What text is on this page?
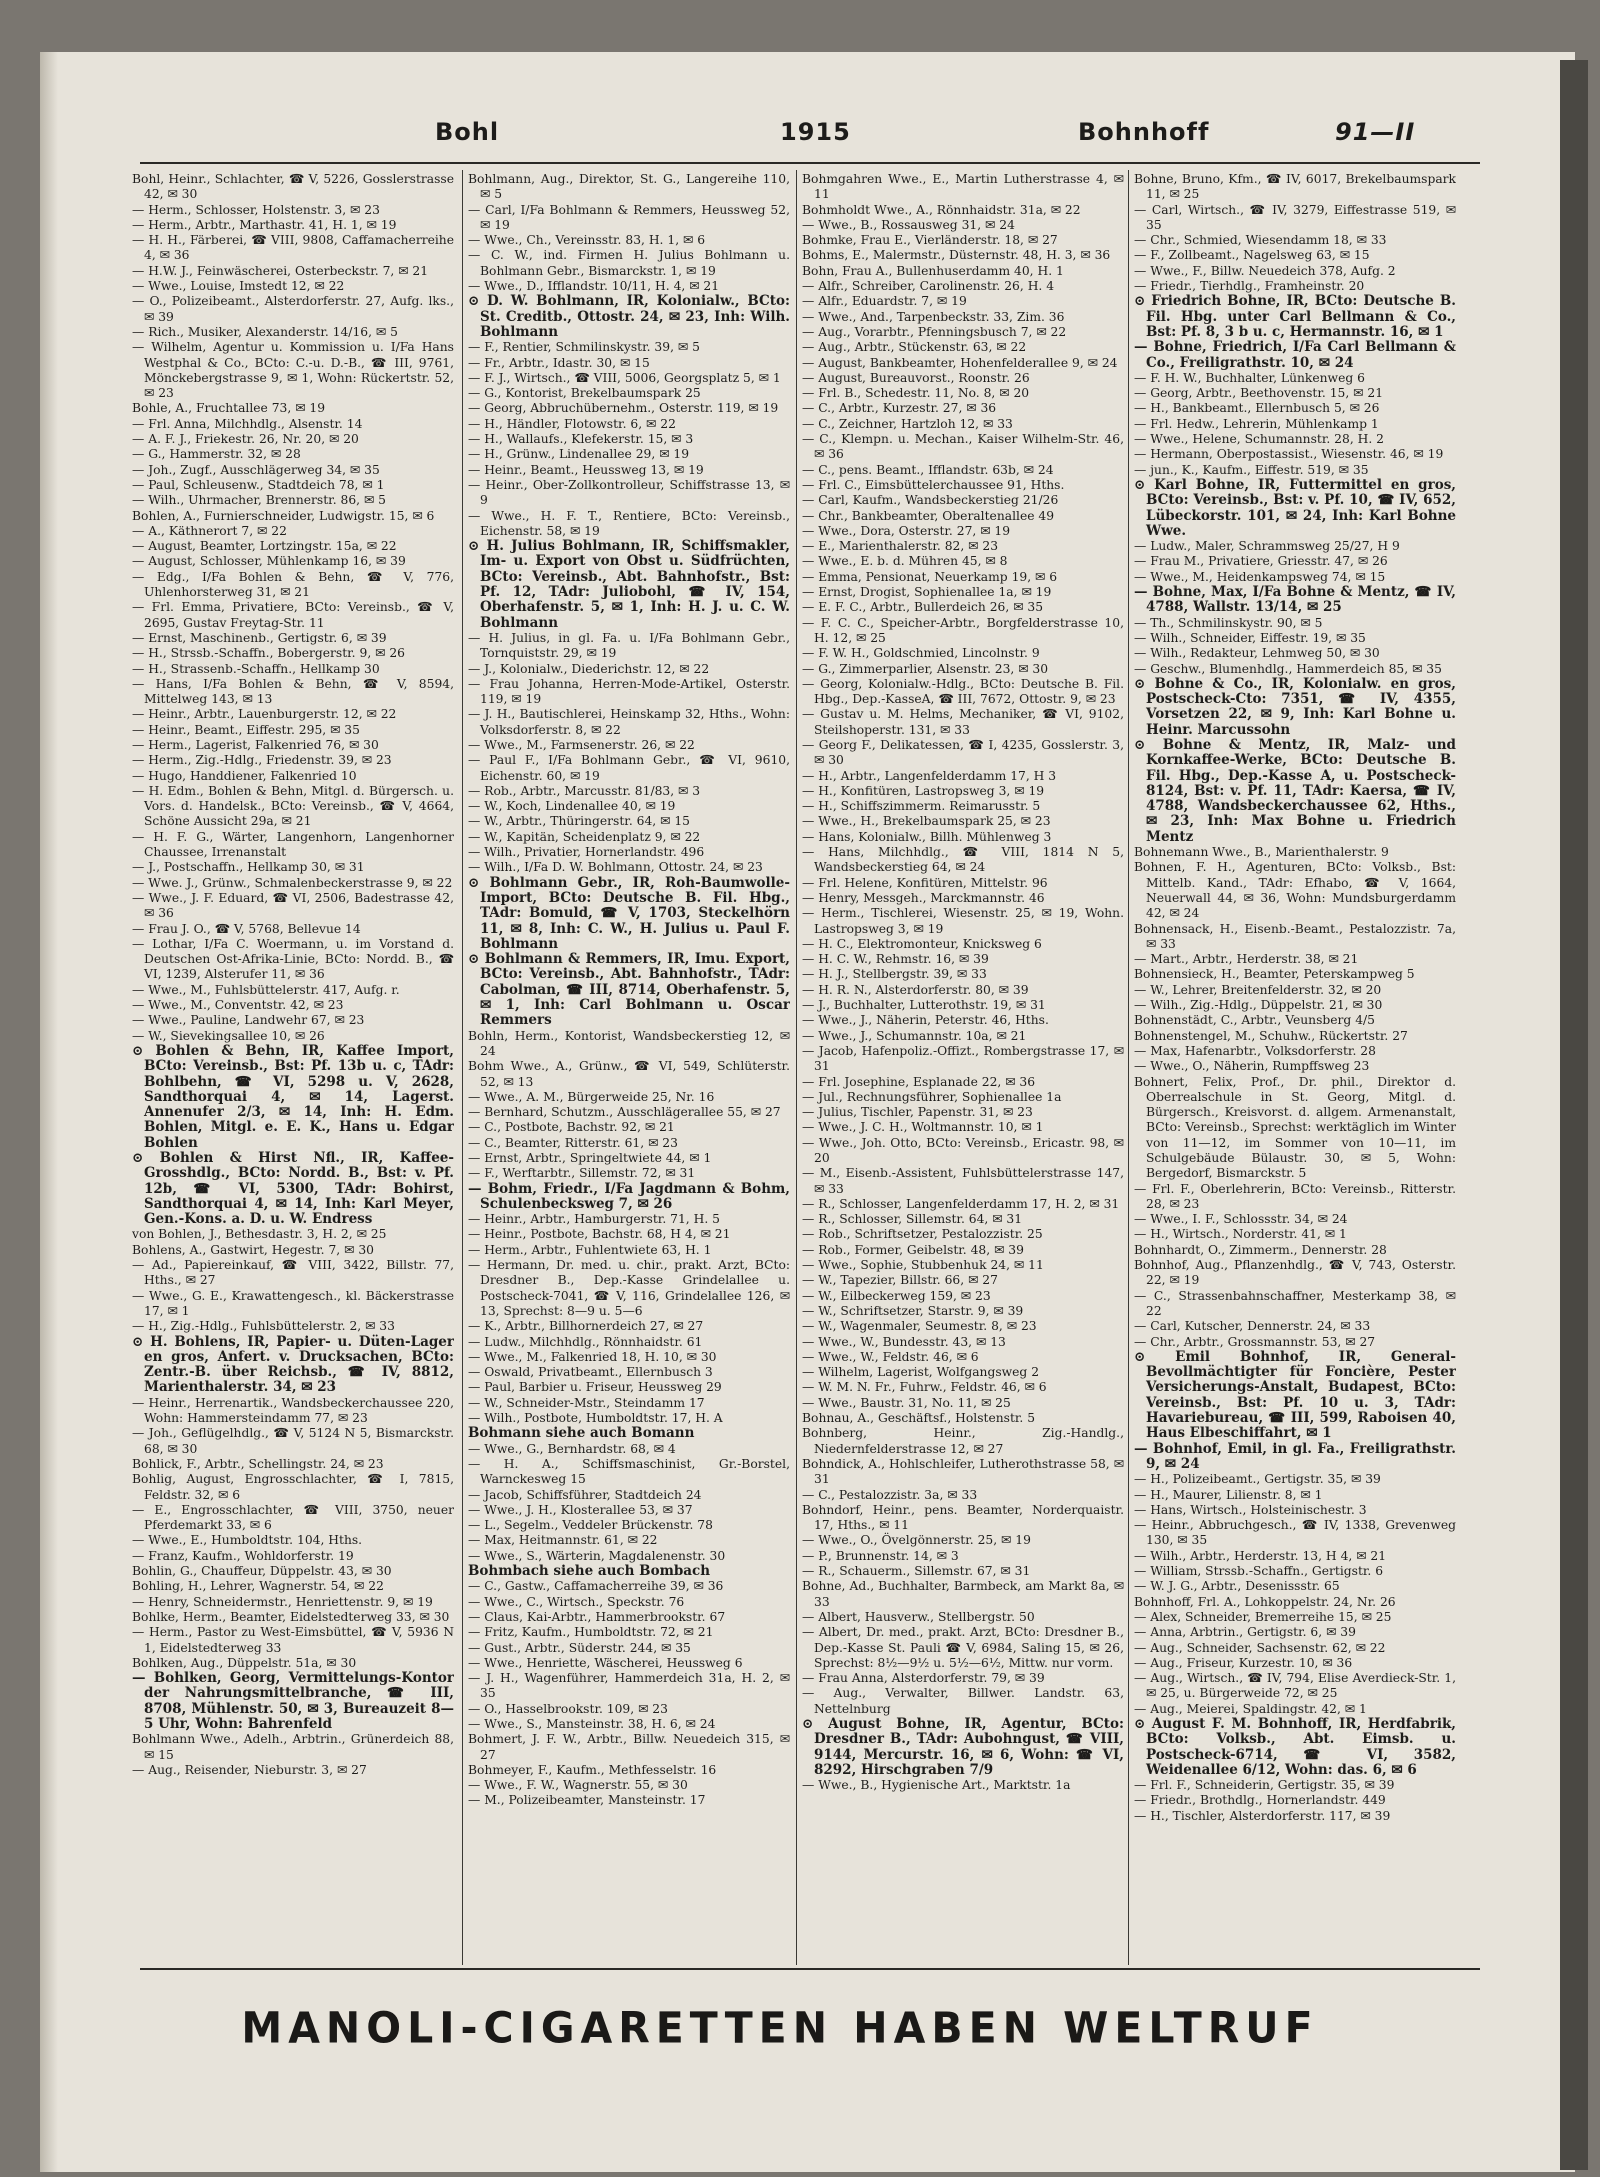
Bohl	1915	Bohnhoff	91—II

Bohl, Heinr., Schlachter, ☎ V, 5226, Gosslerstrasse 42, ✉ 30

— Herm., Schlosser, Holstenstr. 3, ✉ 23

— Herm., Arbtr., Marthastr. 41, H. 1, ✉ 19

— H. H., Färberei, ☎ VIII, 9808, Caffamacherreihe 4, ✉ 36

— H.W. J., Feinwäscherei, Osterbeckstr. 7, ✉ 21

— Wwe., Louise, Imstedt 12, ✉ 22

— O., Polizeibeamt., Alsterdorferstr. 27, Aufg. lks., ✉ 39

— Rich., Musiker, Alexanderstr. 14/16, ✉ 5

— Wilhelm, Agentur u. Kommission u. I/Fa Hans Westphal & Co., BCto: C.-u. D.-B., ☎ III, 9761, Mönckebergstrasse 9, ✉ 1, Wohn: Rückertstr. 52, ✉ 23

Bohle, A., Fruchtallee 73, ✉ 19

— Frl. Anna, Milchhdlg., Alsenstr. 14

— A. F. J., Friekestr. 26, Nr. 20, ✉ 20

— G., Hammerstr. 32, ✉ 28

— Joh., Zugf., Ausschlägerweg 34, ✉ 35

— Paul, Schleusenw., Stadtdeich 78, ✉ 1

— Wilh., Uhrmacher, Brennerstr. 86, ✉ 5

Bohlen, A., Furnierschneider, Ludwigstr. 15, ✉ 6

— A., Käthnerort 7, ✉ 22

— August, Beamter, Lortzingstr. 15a, ✉ 22

— August, Schlosser, Mühlenkamp 16, ✉ 39

— Edg., I/Fa Bohlen & Behn, ☎ V, 776, Uhlenhorsterweg 31, ✉ 21

— Frl. Emma, Privatiere, BCto: Vereinsb., ☎ V, 2695, Gustav Freytag-Str. 11

— Ernst, Maschinenb., Gertigstr. 6, ✉ 39

— H., Strssb.-Schaffn., Bobergerstr. 9, ✉ 26

— H., Strassenb.-Schaffn., Hellkamp 30

— Hans, I/Fa Bohlen & Behn, ☎ V, 8594, Mittelweg 143, ✉ 13

— Heinr., Arbtr., Lauenburgerstr. 12, ✉ 22

— Heinr., Beamt., Eiffestr. 295, ✉ 35

— Herm., Lagerist, Falkenried 76, ✉ 30

— Herm., Zig.-Hdlg., Friedenstr. 39, ✉ 23

— Hugo, Handdiener, Falkenried 10

— H. Edm., Bohlen & Behn, Mitgl. d. Bürgersch. u. Vors. d. Handelsk., BCto: Vereinsb., ☎ V, 4664, Schöne Aussicht 29a, ✉ 21

— H. F. G., Wärter, Langenhorn, Langenhorner Chaussee, Irrenanstalt

— J., Postschaffn., Hellkamp 30, ✉ 31

— Wwe. J., Grünw., Schmalenbeckerstrasse 9, ✉ 22

— Wwe., J. F. Eduard, ☎ VI, 2506, Badestrasse 42, ✉ 36

— Frau J. O., ☎ V, 5768, Bellevue 14

— Lothar, I/Fa C. Woermann, u. im Vorstand d. Deutschen Ost-Afrika-Linie, BCto: Nordd. B., ☎ VI, 1239, Alsterufer 11, ✉ 36

— Wwe., M., Fuhlsbüttelerstr. 417, Aufg. r.

— Wwe., M., Conventstr. 42, ✉ 23

— Wwe., Pauline, Landwehr 67, ✉ 23

— W., Sievekingsallee 10, ✉ 26

⊙ Bohlen & Behn, IR, Kaffee Import, BCto: Vereinsb., Bst: Pf. 13b u. c, TAdr: Bohlbehn, ☎ VI, 5298 u. V, 2628, Sandthorquai 4, ✉ 14, Lagerst. Annenufer 2/3, ✉ 14, Inh: H. Edm. Bohlen, Mitgl. e. E. K., Hans u. Edgar Bohlen

⊙ Bohlen & Hirst Nfl., IR, Kaffee-Grosshdlg., BCto: Nordd. B., Bst: v. Pf. 12b, ☎ VI, 5300, TAdr: Bohirst, Sandthorquai 4, ✉ 14, Inh: Karl Meyer, Gen.-Kons. a. D. u. W. Endress

von Bohlen, J., Bethesdastr. 3, H. 2, ✉ 25

Bohlens, A., Gastwirt, Hegestr. 7, ✉ 30

— Ad., Papiereinkauf, ☎ VIII, 3422, Billstr. 77, Hths., ✉ 27

— Wwe., G. E., Krawattengesch., kl. Bäckerstrasse 17, ✉ 1

— H., Zig.-Hdlg., Fuhlsbüttelerstr. 2, ✉ 33

⊙ H. Bohlens, IR, Papier- u. Düten-Lager en gros, Anfert. v. Drucksachen, BCto: Zentr.-B. über Reichsb., ☎ IV, 8812, Marienthalerstr. 34, ✉ 23

— Heinr., Herrenartik., Wandsbeckerchaussee 220, Wohn: Hammersteindamm 77, ✉ 23

— Joh., Geflügelhdlg., ☎ V, 5124 N 5, Bismarckstr. 68, ✉ 30

Bohlick, F., Arbtr., Schellingstr. 24, ✉ 23

Bohlig, August, Engrosschlachter, ☎ I, 7815, Feldstr. 32, ✉ 6

— E., Engrosschlachter, ☎ VIII, 3750, neuer Pferdemarkt 33, ✉ 6

— Wwe., E., Humboldtstr. 104, Hths.

— Franz, Kaufm., Wohldorferstr. 19

Bohlin, G., Chauffeur, Düppelstr. 43, ✉ 30

Bohling, H., Lehrer, Wagnerstr. 54, ✉ 22

— Henry, Schneidermstr., Henriettenstr. 9, ✉ 19

Bohlke, Herm., Beamter, Eidelstedterweg 33, ✉ 30

— Herm., Pastor zu West-Eimsbüttel, ☎ V, 5936 N 1, Eidelstedterweg 33

Bohlken, Aug., Düppelstr. 51a, ✉ 30

— Bohlken, Georg, Vermittelungs-Kontor der Nahrungsmittelbranche, ☎ III, 8708, Mühlenstr. 50, ✉ 3, Bureauzeit 8—5 Uhr, Wohn: Bahrenfeld

Bohlmann Wwe., Adelh., Arbtrin., Grünerdeich 88, ✉ 15

— Aug., Reisender, Nieburstr. 3, ✉ 27

Bohlmann, Aug., Direktor, St. G., Langereihe 110, ✉ 5

— Carl, I/Fa Bohlmann & Remmers, Heussweg 52, ✉ 19

— Wwe., Ch., Vereinsstr. 83, H. 1, ✉ 6

— C. W., ind. Firmen H. Julius Bohlmann u. Bohlmann Gebr., Bismarckstr. 1, ✉ 19

— Wwe., D., Ifflandstr. 10/11, H. 4, ✉ 21

⊙ D. W. Bohlmann, IR, Kolonialw., BCto: St. Creditb., Ottostr. 24, ✉ 23, Inh: Wilh. Bohlmann

— F., Rentier, Schmilinskystr. 39, ✉ 5

— Fr., Arbtr., Idastr. 30, ✉ 15

— F. J., Wirtsch., ☎ VIII, 5006, Georgsplatz 5, ✉ 1

— G., Kontorist, Brekelbaumspark 25

— Georg, Abbruchübernehm., Osterstr. 119, ✉ 19

— H., Händler, Flotowstr. 6, ✉ 22

— H., Wallaufs., Klefekerstr. 15, ✉ 3

— H., Grünw., Lindenallee 29, ✉ 19

— Heinr., Beamt., Heussweg 13, ✉ 19

— Heinr., Ober-Zollkontrolleur, Schiffstrasse 13, ✉ 9

— Wwe., H. F. T., Rentiere, BCto: Vereinsb., Eichenstr. 58, ✉ 19

⊙ H. Julius Bohlmann, IR, Schiffsmakler, Im- u. Export von Obst u. Südfrüchten, BCto: Vereinsb., Abt. Bahnhofstr., Bst: Pf. 12, TAdr: Juliobohl, ☎ IV, 154, Oberhafenstr. 5, ✉ 1, Inh: H. J. u. C. W. Bohlmann

— H. Julius, in gl. Fa. u. I/Fa Bohlmann Gebr., Tornquiststr. 29, ✉ 19

— J., Kolonialw., Diederichstr. 12, ✉ 22

— Frau Johanna, Herren-Mode-Artikel, Osterstr. 119, ✉ 19

— J. H., Bautischlerei, Heinskamp 32, Hths., Wohn: Volksdorferstr. 8, ✉ 22

— Wwe., M., Farmsenerstr. 26, ✉ 22

— Paul F., I/Fa Bohlmann Gebr., ☎ VI, 9610, Eichenstr. 60, ✉ 19

— Rob., Arbtr., Marcusstr. 81/83, ✉ 3

— W., Koch, Lindenallee 40, ✉ 19

— W., Arbtr., Thüringerstr. 64, ✉ 15

— W., Kapitän, Scheidenplatz 9, ✉ 22

— Wilh., Privatier, Hornerlandstr. 496

— Wilh., I/Fa D. W. Bohlmann, Ottostr. 24, ✉ 23

⊙ Bohlmann Gebr., IR, Roh-Baumwolle-Import, BCto: Deutsche B. Fil. Hbg., TAdr: Bomuld, ☎ V, 1703, Steckelhörn 11, ✉ 8, Inh: C. W., H. Julius u. Paul F. Bohlmann

⊙ Bohlmann & Remmers, IR, Imu. Export, BCto: Vereinsb., Abt. Bahnhofstr., TAdr: Cabolman, ☎ III, 8714, Oberhafenstr. 5, ✉ 1, Inh: Carl Bohlmann u. Oscar Remmers

Bohln, Herm., Kontorist, Wandsbeckerstieg 12, ✉ 24

Bohm Wwe., A., Grünw., ☎ VI, 549, Schlüterstr. 52, ✉ 13

— Wwe., A. M., Bürgerweide 25, Nr. 16

— Bernhard, Schutzm., Ausschlägerallee 55, ✉ 27

— C., Postbote, Bachstr. 92, ✉ 21

— C., Beamter, Ritterstr. 61, ✉ 23

— Ernst, Arbtr., Springeltwiete 44, ✉ 1

— F., Werftarbtr., Sillemstr. 72, ✉ 31

— Bohm, Friedr., I/Fa Jagdmann & Bohm, Schulenbecksweg 7, ✉ 26

— Heinr., Arbtr., Hamburgerstr. 71, H. 5

— Heinr., Postbote, Bachstr. 68, H 4, ✉ 21

— Herm., Arbtr., Fuhlentwiete 63, H. 1

— Hermann, Dr. med. u. chir., prakt. Arzt, BCto: Dresdner B., Dep.-Kasse Grindelallee u. Postscheck-7041, ☎ V, 116, Grindelallee 126, ✉ 13, Sprechst: 8—9 u. 5—6

— K., Arbtr., Billhornerdeich 27, ✉ 27

— Ludw., Milchhdlg., Rönnhaidstr. 61

— Wwe., M., Falkenried 18, H. 10, ✉ 30

— Oswald, Privatbeamt., Ellernbusch 3

— Paul, Barbier u. Friseur, Heussweg 29

— W., Schneider-Mstr., Steindamm 17

— Wilh., Postbote, Humboldtstr. 17, H. A

Bohmann siehe auch Bomann

— Wwe., G., Bernhardstr. 68, ✉ 4

— H. A., Schiffsmaschinist, Gr.-Borstel, Warnckesweg 15

— Jacob, Schiffsführer, Stadtdeich 24

— Wwe., J. H., Klosterallee 53, ✉ 37

— L., Segelm., Veddeler Brückenstr. 78

— Max, Heitmannstr. 61, ✉ 22

— Wwe., S., Wärterin, Magdalenenstr. 30

Bohmbach siehe auch Bombach

— C., Gastw., Caffamacherreihe 39, ✉ 36

— Wwe., C., Wirtsch., Speckstr. 76

— Claus, Kai-Arbtr., Hammerbrookstr. 67

— Fritz, Kaufm., Humboldtstr. 72, ✉ 21

— Gust., Arbtr., Süderstr. 244, ✉ 35

— Wwe., Henriette, Wäscherei, Heussweg 6

— J. H., Wagenführer, Hammerdeich 31a, H. 2, ✉ 35

— O., Hasselbrookstr. 109, ✉ 23

— Wwe., S., Mansteinstr. 38, H. 6, ✉ 24

Bohmert, J. F. W., Arbtr., Billw. Neuedeich 315, ✉ 27

Bohmeyer, F., Kaufm., Methfesselstr. 16

— Wwe., F. W., Wagnerstr. 55, ✉ 30

— M., Polizeibeamter, Mansteinstr. 17

Bohmgahren Wwe., E., Martin Lutherstrasse 4, ✉ 11

Bohmholdt Wwe., A., Rönnhaidstr. 31a, ✉ 22

— Wwe., B., Rossausweg 31, ✉ 24

Bohmke, Frau E., Vierländerstr. 18, ✉ 27

Bohms, E., Malermstr., Düsternstr. 48, H. 3, ✉ 36

Bohn, Frau A., Bullenhuserdamm 40, H. 1

— Alfr., Schreiber, Carolinenstr. 26, H. 4

— Alfr., Eduardstr. 7, ✉ 19

— Wwe., And., Tarpenbeckstr. 33, Zim. 36

— Aug., Vorarbtr., Pfenningsbusch 7, ✉ 22

— Aug., Arbtr., Stückenstr. 63, ✉ 22

— August, Bankbeamter, Hohenfelderallee 9, ✉ 24

— August, Bureauvorst., Roonstr. 26

— Frl. B., Schedestr. 11, No. 8, ✉ 20

— C., Arbtr., Kurzestr. 27, ✉ 36

— C., Zeichner, Hartzloh 12, ✉ 33

— C., Klempn. u. Mechan., Kaiser Wilhelm-Str. 46, ✉ 36

— C., pens. Beamt., Ifflandstr. 63b, ✉ 24

— Frl. C., Eimsbüttelerchaussee 91, Hths.

— Carl, Kaufm., Wandsbeckerstieg 21/26

— Chr., Bankbeamter, Oberaltenallee 49

— Wwe., Dora, Osterstr. 27, ✉ 19

— E., Marienthalerstr. 82, ✉ 23

— Wwe., E. b. d. Mühren 45, ✉ 8

— Emma, Pensionat, Neuerkamp 19, ✉ 6

— Ernst, Drogist, Sophienallee 1a, ✉ 19

— E. F. C., Arbtr., Bullerdeich 26, ✉ 35

— F. C. C., Speicher-Arbtr., Borgfelderstrasse 10, H. 12, ✉ 25

— F. W. H., Goldschmied, Lincolnstr. 9

— G., Zimmerparlier, Alsenstr. 23, ✉ 30

— Georg, Kolonialw.-Hdlg., BCto: Deutsche B. Fil. Hbg., Dep.-KasseA, ☎ III, 7672, Ottostr. 9, ✉ 23

— Gustav u. M. Helms, Mechaniker, ☎ VI, 9102, Steilshoperstr. 131, ✉ 33

— Georg F., Delikatessen, ☎ I, 4235, Gosslerstr. 3, ✉ 30

— H., Arbtr., Langenfelderdamm 17, H 3

— H., Konfitüren, Lastropsweg 3, ✉ 19

— H., Schiffszimmerm. Reimarusstr. 5

— Wwe., H., Brekelbaumspark 25, ✉ 23

— Hans, Kolonialw., Billh. Mühlenweg 3

— Hans, Milchhdlg., ☎ VIII, 1814 N 5, Wandsbeckerstieg 64, ✉ 24

— Frl. Helene, Konfitüren, Mittelstr. 96

— Henry, Messgeh., Marckmannstr. 46

— Herm., Tischlerei, Wiesenstr. 25, ✉ 19, Wohn. Lastropsweg 3, ✉ 19

— H. C., Elektromonteur, Knicksweg 6

— H. C. W., Rehmstr. 16, ✉ 39

— H. J., Stellbergstr. 39, ✉ 33

— H. R. N., Alsterdorferstr. 80, ✉ 39

— J., Buchhalter, Lutterothstr. 19, ✉ 31

— Wwe., J., Näherin, Peterstr. 46, Hths.

— Wwe., J., Schumannstr. 10a, ✉ 21

— Jacob, Hafenpoliz.-Offizt., Rombergstrasse 17, ✉ 31

— Frl. Josephine, Esplanade 22, ✉ 36

— Jul., Rechnungsführer, Sophienallee 1a

— Julius, Tischler, Papenstr. 31, ✉ 23

— Wwe., J. C. H., Woltmannstr. 10, ✉ 1

— Wwe., Joh. Otto, BCto: Vereinsb., Ericastr. 98, ✉ 20

— M., Eisenb.-Assistent, Fuhlsbüttelerstrasse 147, ✉ 33

— R., Schlosser, Langenfelderdamm 17, H. 2, ✉ 31

— R., Schlosser, Sillemstr. 64, ✉ 31

— Rob., Schriftsetzer, Pestalozzistr. 25

— Rob., Former, Geibelstr. 48, ✉ 39

— Wwe., Sophie, Stubbenhuk 24, ✉ 11

— W., Tapezier, Billstr. 66, ✉ 27

— W., Eilbeckerweg 159, ✉ 23

— W., Schriftsetzer, Starstr. 9, ✉ 39

— W., Wagenmaler, Seumestr. 8, ✉ 23

— Wwe., W., Bundesstr. 43, ✉ 13

— Wwe., W., Feldstr. 46, ✉ 6

— Wilhelm, Lagerist, Wolfgangsweg 2

— W. M. N. Fr., Fuhrw., Feldstr. 46, ✉ 6

— Wwe., Baustr. 31, No. 11, ✉ 25

Bohnau, A., Geschäftsf., Holstenstr. 5

Bohnberg, Heinr., Zig.-Handlg., Niedernfelderstrasse 12, ✉ 27

Bohndick, A., Hohlschleifer, Lutherothstrasse 58, ✉ 31

— C., Pestalozzistr. 3a, ✉ 33

Bohndorf, Heinr., pens. Beamter, Norderquaistr. 17, Hths., ✉ 11

— Wwe., O., Övelgönnerstr. 25, ✉ 19

— P., Brunnenstr. 14, ✉ 3

— R., Schauerm., Sillemstr. 67, ✉ 31

Bohne, Ad., Buchhalter, Barmbeck, am Markt 8a, ✉ 33

— Albert, Hausverw., Stellbergstr. 50

— Albert, Dr. med., prakt. Arzt, BCto: Dresdner B., Dep.-Kasse St. Pauli ☎ V, 6984, Saling 15, ✉ 26, Sprechst: 8½—9½ u. 5½—6½, Mittw. nur vorm.

— Frau Anna, Alsterdorferstr. 79, ✉ 39

— Aug., Verwalter, Billwer. Landstr. 63, Nettelnburg

⊙ August Bohne, IR, Agentur, BCto: Dresdner B., TAdr: Aubohngust, ☎ VIII, 9144, Mercurstr. 16, ✉ 6, Wohn: ☎ VI, 8292, Hirschgraben 7/9

— Wwe., B., Hygienische Art., Marktstr. 1a

Bohne, Bruno, Kfm., ☎ IV, 6017, Brekelbaumspark 11, ✉ 25

— Carl, Wirtsch., ☎ IV, 3279, Eiffestrasse 519, ✉ 35

— Chr., Schmied, Wiesendamm 18, ✉ 33

— F., Zollbeamt., Nagelsweg 63, ✉ 15

— Wwe., F., Billw. Neuedeich 378, Aufg. 2

— Friedr., Tierhdlg., Framheinstr. 20

⊙ Friedrich Bohne, IR, BCto: Deutsche B. Fil. Hbg. unter Carl Bellmann & Co., Bst: Pf. 8, 3 b u. c, Hermannstr. 16, ✉ 1

— Bohne, Friedrich, I/Fa Carl Bellmann & Co., Freiligrathstr. 10, ✉ 24

— F. H. W., Buchhalter, Lünkenweg 6

— Georg, Arbtr., Beethovenstr. 15, ✉ 21

— H., Bankbeamt., Ellernbusch 5, ✉ 26

— Frl. Hedw., Lehrerin, Mühlenkamp 1

— Wwe., Helene, Schumannstr. 28, H. 2

— Hermann, Oberpostassist., Wiesenstr. 46, ✉ 19

— jun., K., Kaufm., Eiffestr. 519, ✉ 35

⊙ Karl Bohne, IR, Futtermittel en gros, BCto: Vereinsb., Bst: v. Pf. 10, ☎ IV, 652, Lübeckorstr. 101, ✉ 24, Inh: Karl Bohne Wwe.

— Ludw., Maler, Schrammsweg 25/27, H 9

— Frau M., Privatiere, Griesstr. 47, ✉ 26

— Wwe., M., Heidenkampsweg 74, ✉ 15

— Bohne, Max, I/Fa Bohne & Mentz, ☎ IV, 4788, Wallstr. 13/14, ✉ 25

— Th., Schmilinskystr. 90, ✉ 5

— Wilh., Schneider, Eiffestr. 19, ✉ 35

— Wilh., Redakteur, Lehmweg 50, ✉ 30

— Geschw., Blumenhdlg., Hammerdeich 85, ✉ 35

⊙ Bohne & Co., IR, Kolonialw. en gros, Postscheck-Cto: 7351, ☎ IV, 4355, Vorsetzen 22, ✉ 9, Inh: Karl Bohne u. Heinr. Marcussohn

⊙ Bohne & Mentz, IR, Malz- und Kornkaffee-Werke, BCto: Deutsche B. Fil. Hbg., Dep.-Kasse A, u. Postscheck-8124, Bst: v. Pf. 11, TAdr: Kaersa, ☎ IV, 4788, Wandsbeckerchaussee 62, Hths., ✉ 23, Inh: Max Bohne u. Friedrich Mentz

Bohnemann Wwe., B., Marienthalerstr. 9

Bohnen, F. H., Agenturen, BCto: Volksb., Bst: Mittelb. Kand., TAdr: Efhabo, ☎ V, 1664, Neuerwall 44, ✉ 36, Wohn: Mundsburgerdamm 42, ✉ 24

Bohnensack, H., Eisenb.-Beamt., Pestalozzistr. 7a, ✉ 33

— Mart., Arbtr., Herderstr. 38, ✉ 21

Bohnensieck, H., Beamter, Peterskampweg 5

— W., Lehrer, Breitenfelderstr. 32, ✉ 20

— Wilh., Zig.-Hdlg., Düppelstr. 21, ✉ 30

Bohnenstädt, C., Arbtr., Veunsberg 4/5

Bohnenstengel, M., Schuhw., Rückertstr. 27

— Max, Hafenarbtr., Volksdorferstr. 28

— Wwe., O., Näherin, Rumpffsweg 23

Bohnert, Felix, Prof., Dr. phil., Direktor d. Oberrealschule in St. Georg, Mitgl. d. Bürgersch., Kreisvorst. d. allgem. Armenanstalt, BCto: Vereinsb., Sprechst: werktäglich im Winter von 11—12, im Sommer von 10—11, im Schulgebäude Bülaustr. 30, ✉ 5, Wohn: Bergedorf, Bismarckstr. 5

— Frl. F., Oberlehrerin, BCto: Vereinsb., Ritterstr. 28, ✉ 23

— Wwe., I. F., Schlossstr. 34, ✉ 24

— H., Wirtsch., Norderstr. 41, ✉ 1

Bohnhardt, O., Zimmerm., Dennerstr. 28

Bohnhof, Aug., Pflanzenhdlg., ☎ V, 743, Osterstr. 22, ✉ 19

— C., Strassenbahnschaffner, Mesterkamp 38, ✉ 22

— Carl, Kutscher, Dennerstr. 24, ✉ 33

— Chr., Arbtr., Grossmannstr. 53, ✉ 27

⊙ Emil Bohnhof, IR, General-Bevollmächtigter für Foncière, Pester Versicherungs-Anstalt, Budapest, BCto: Vereinsb., Bst: Pf. 10 u. 3, TAdr: Havariebureau, ☎ III, 599, Raboisen 40, Haus Elbeschiffahrt, ✉ 1

— Bohnhof, Emil, in gl. Fa., Freiligrathstr. 9, ✉ 24

— H., Polizeibeamt., Gertigstr. 35, ✉ 39

— H., Maurer, Lilienstr. 8, ✉ 1

— Hans, Wirtsch., Holsteinischestr. 3

— Heinr., Abbruchgesch., ☎ IV, 1338, Grevenweg 130, ✉ 35

— Wilh., Arbtr., Herderstr. 13, H 4, ✉ 21

— William, Strssb.-Schaffn., Gertigstr. 6

— W. J. G., Arbtr., Desenissstr. 65

Bohnhoff, Frl. A., Lohkoppelstr. 24, Nr. 26

— Alex, Schneider, Bremerreihe 15, ✉ 25

— Anna, Arbtrin., Gertigstr. 6, ✉ 39

— Aug., Schneider, Sachsenstr. 62, ✉ 22

— Aug., Friseur, Kurzestr. 10, ✉ 36

— Aug., Wirtsch., ☎ IV, 794, Elise Averdieck-Str. 1, ✉ 25, u. Bürgerweide 72, ✉ 25

— Aug., Meierei, Spaldingstr. 42, ✉ 1

⊙ August F. M. Bohnhoff, IR, Herdfabrik, BCto: Volksb., Abt. Eimsb. u. Postscheck-6714, ☎ VI, 3582, Weidenallee 6/12, Wohn: das. 6, ✉ 6

— Frl. F., Schneiderin, Gertigstr. 35, ✉ 39

— Friedr., Brothdlg., Hornerlandstr. 449

— H., Tischler, Alsterdorferstr. 117, ✉ 39

MANOLI-CIGARETTEN HABEN WELTRUF
